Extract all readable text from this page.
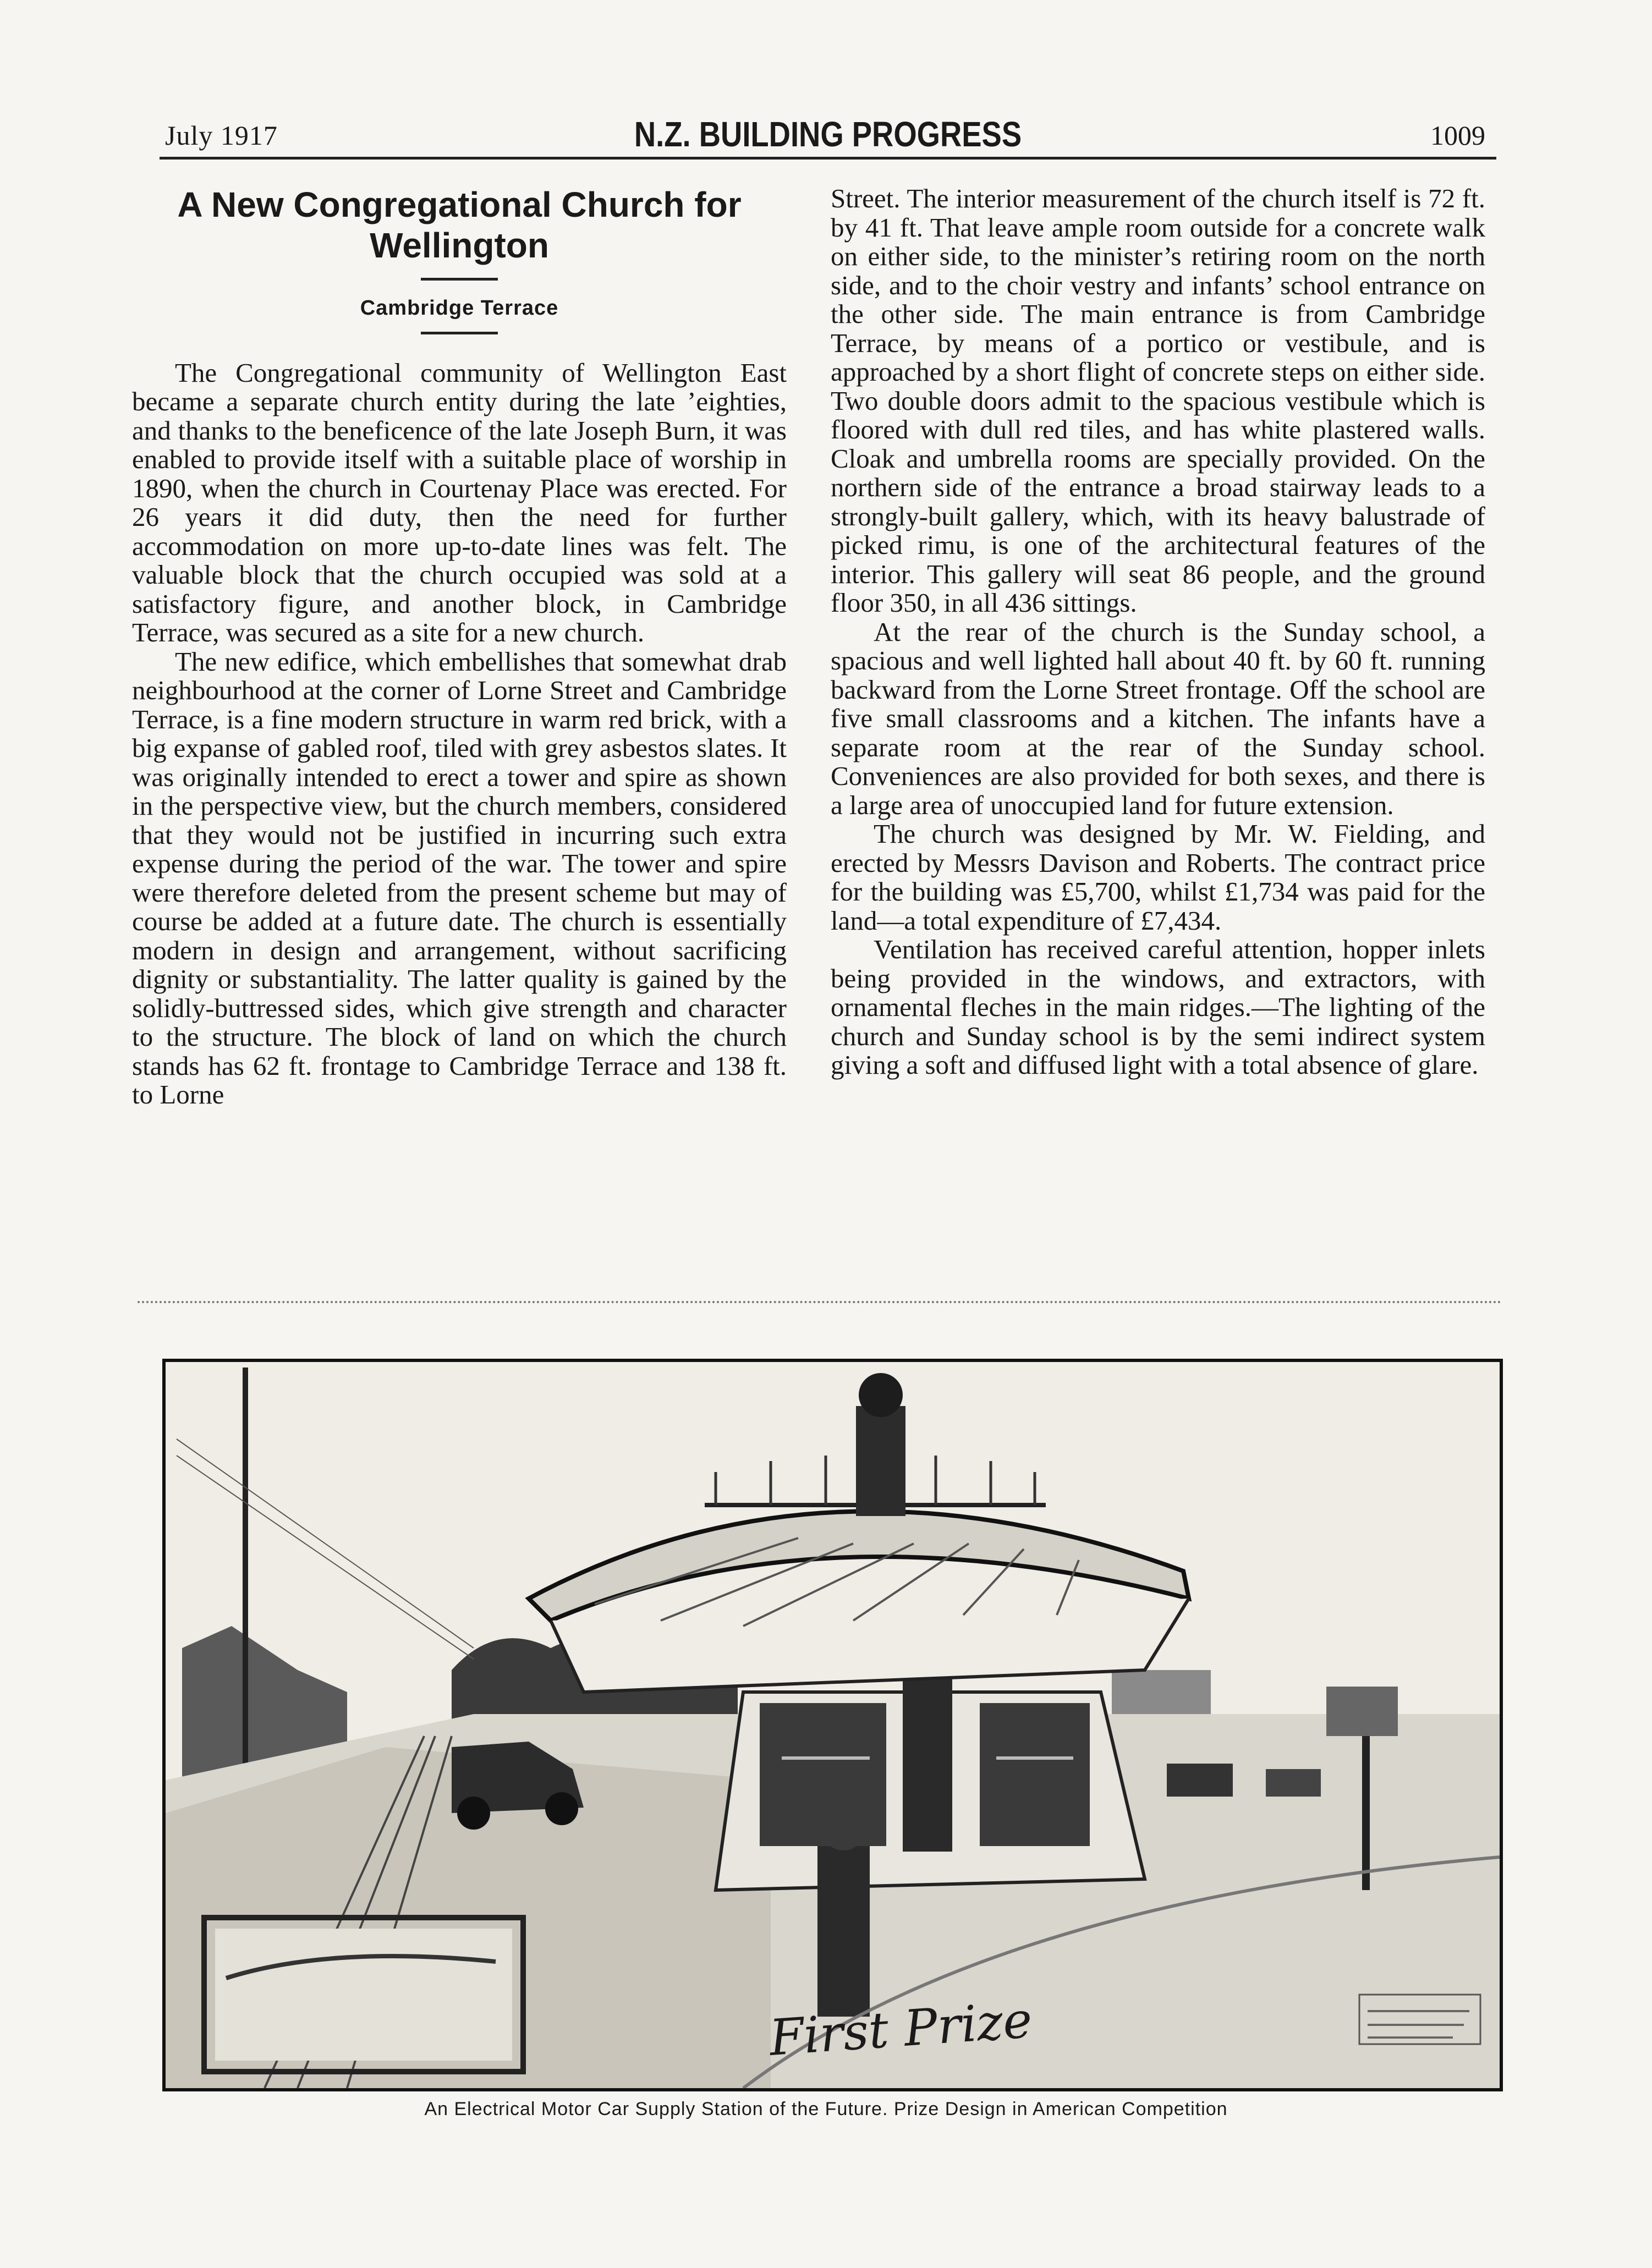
July 1917	N.Z. BUILDING PROGRESS	1009
A New Congregational Church for Wellington
Cambridge Terrace

The Congregational community of Wellington East became a separate church entity during the late ’eighties, and thanks to the beneficence of the late Joseph Burn, it was enabled to provide itself with a suitable place of worship in 1890, when the church in Courtenay Place was erected. For 26 years it did duty, then the need for further accommodation on more up-to-date lines was felt. The valuable block that the church occupied was sold at a satisfactory figure, and another block, in Cambridge Terrace, was secured as a site for a new church.

The new edifice, which embellishes that somewhat drab neighbourhood at the corner of Lorne Street and Cambridge Terrace, is a fine modern structure in warm red brick, with a big expanse of gabled roof, tiled with grey asbestos slates. It was originally intended to erect a tower and spire as shown in the perspective view, but the church members, considered that they would not be justified in incurring such extra expense during the period of the war. The tower and spire were therefore deleted from the present scheme but may of course be added at a future date. The church is essentially modern in design and arrangement, without sacrificing dignity or substantiality. The latter quality is gained by the solidly-buttressed sides, which give strength and character to the structure. The block of land on which the church stands has 62 ft. frontage to Cambridge Terrace and 138 ft. to Lorne

Street. The interior measurement of the church itself is 72 ft. by 41 ft. That leave ample room outside for a concrete walk on either side, to the minister’s retiring room on the north side, and to the choir vestry and infants’ school entrance on the other side. The main entrance is from Cambridge Terrace, by means of a portico or vestibule, and is approached by a short flight of concrete steps on either side. Two double doors admit to the spacious vestibule which is floored with dull red tiles, and has white plastered walls. Cloak and umbrella rooms are specially provided. On the northern side of the entrance a broad stairway leads to a strongly-built gallery, which, with its heavy balustrade of picked rimu, is one of the architectural features of the interior. This gallery will seat 86 people, and the ground floor 350, in all 436 sittings.

At the rear of the church is the Sunday school, a spacious and well lighted hall about 40 ft. by 60 ft. running backward from the Lorne Street frontage. Off the school are five small classrooms and a kitchen. The infants have a separate room at the rear of the Sunday school. Conveniences are also provided for both sexes, and there is a large area of unoccupied land for future extension.

The church was designed by Mr. W. Fielding, and erected by Messrs Davison and Roberts. The contract price for the building was £5,700, whilst £1,734 was paid for the land—a total expenditure of £7,434.

Ventilation has received careful attention, hopper inlets being provided in the windows, and extractors, with ornamental fleches in the main ridges.—The lighting of the church and Sunday school is by the semi indirect system giving a soft and diffused light with a total absence of glare.

First Prize
An Electrical Motor Car Supply Station of the Future. Prize Design in American Competition
